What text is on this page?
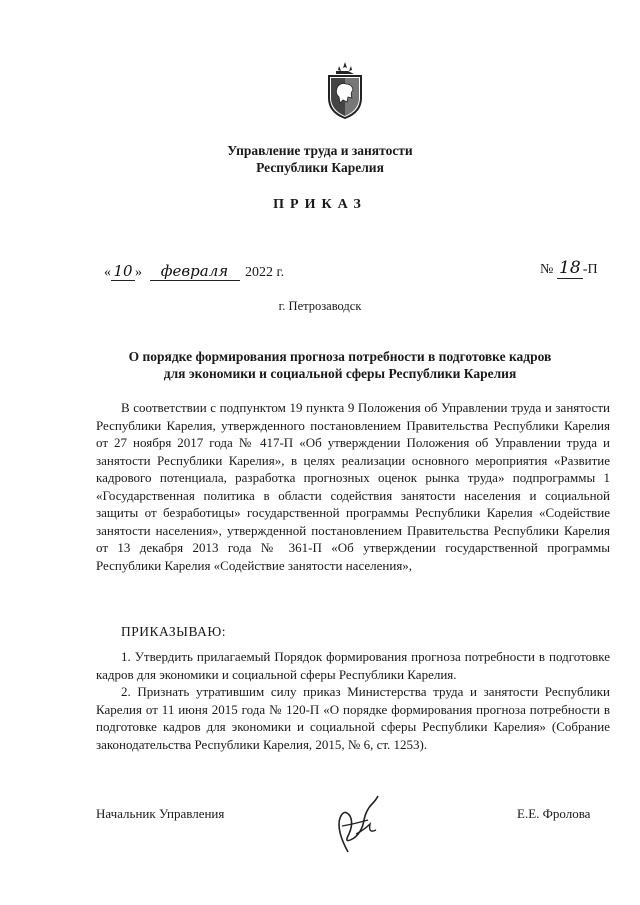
Управление труда и занятости
Республики Карелия
ПРИКАЗ
« 10 » февраля 2022 г.	№ 18 -П
г. Петрозаводск
О порядке формирования прогноза потребности в подготовке кадров
для экономики и социальной сферы Республики Карелия

В соответствии с подпунктом 19 пункта 9 Положения об Управлении труда и занятости Республики Карелия, утвержденного постановлением Правительства Республики Карелия от 27 ноября 2017 года № 417-П «Об утверждении Положения об Управлении труда и занятости Республики Карелия», в целях реализации основного мероприятия «Развитие кадрового потенциала, разработка прогнозных оценок рынка труда» подпрограммы 1 «Государственная политика в области содействия занятости населения и социальной защиты от безработицы» государственной программы Республики Карелия «Содействие занятости населения», утвержденной постановлением Правительства Республики Карелия от 13 декабря 2013 года № 361-П «Об утверждении государственной программы Республики Карелия «Содействие занятости населения»,

ПРИКАЗЫВАЮ:

1. Утвердить прилагаемый Порядок формирования прогноза потребности в подготовке кадров для экономики и социальной сферы Республики Карелия.

2. Признать утратившим силу приказ Министерства труда и занятости Республики Карелия от 11 июня 2015 года № 120-П «О порядке формирования прогноза потребности в подготовке кадров для экономики и социальной сферы Республики Карелия» (Собрание законодательства Республики Карелия, 2015, № 6, ст. 1253).

Начальник Управления	Е.Е. Фролова
